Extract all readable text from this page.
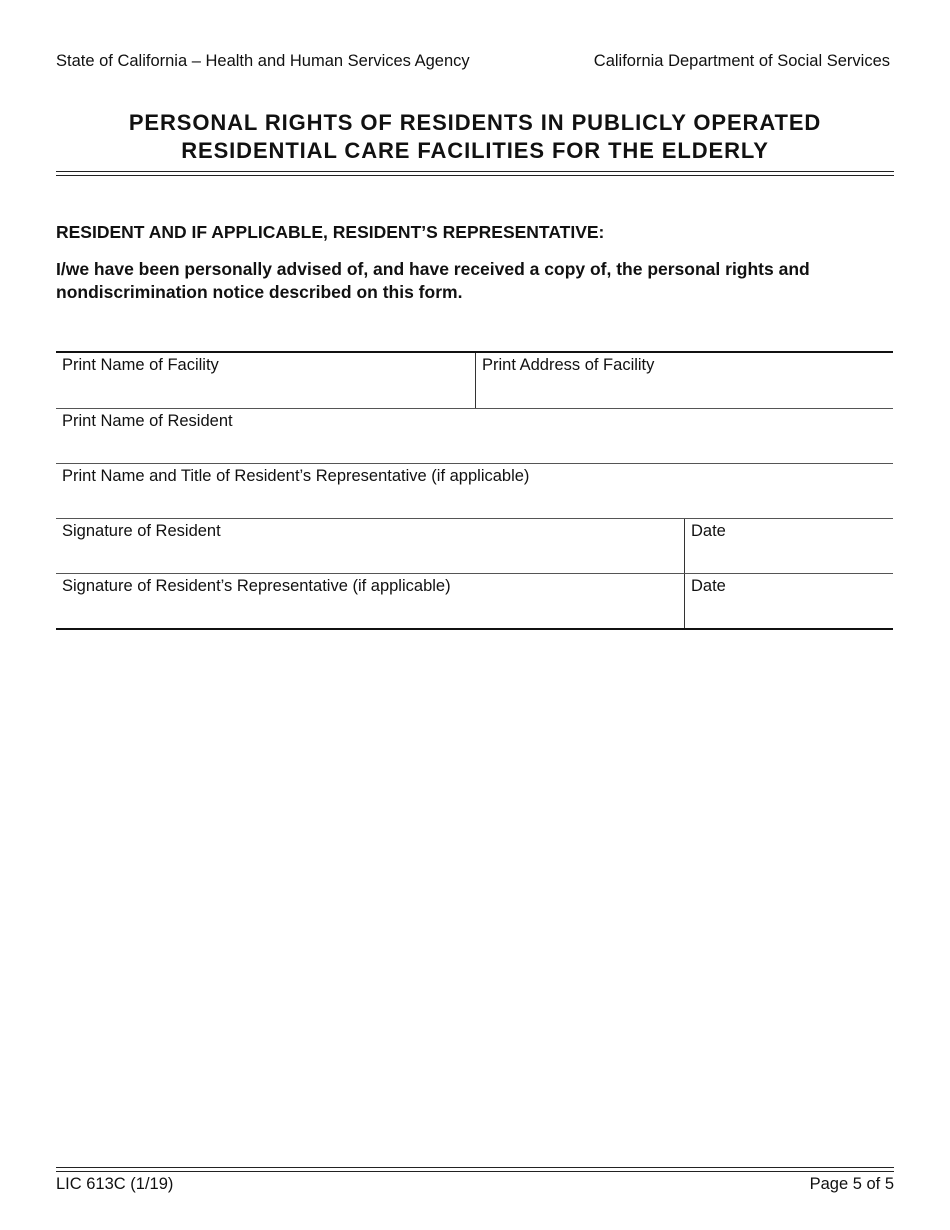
State of California – Health and Human Services Agency	California Department of Social Services
PERSONAL RIGHTS OF RESIDENTS IN PUBLICLY OPERATED
RESIDENTIAL CARE FACILITIES FOR THE ELDERLY
RESIDENT AND IF APPLICABLE, RESIDENT’S REPRESENTATIVE:
I/we have been personally advised of, and have received a copy of, the personal rights and nondiscrimination notice described on this form.
Print Name of Facility	Print Address of Facility
Print Name of Resident
Print Name and Title of Resident’s Representative (if applicable)
Signature of Resident	Date
Signature of Resident’s Representative (if applicable)	Date
LIC 613C (1/19)	Page 5 of 5
